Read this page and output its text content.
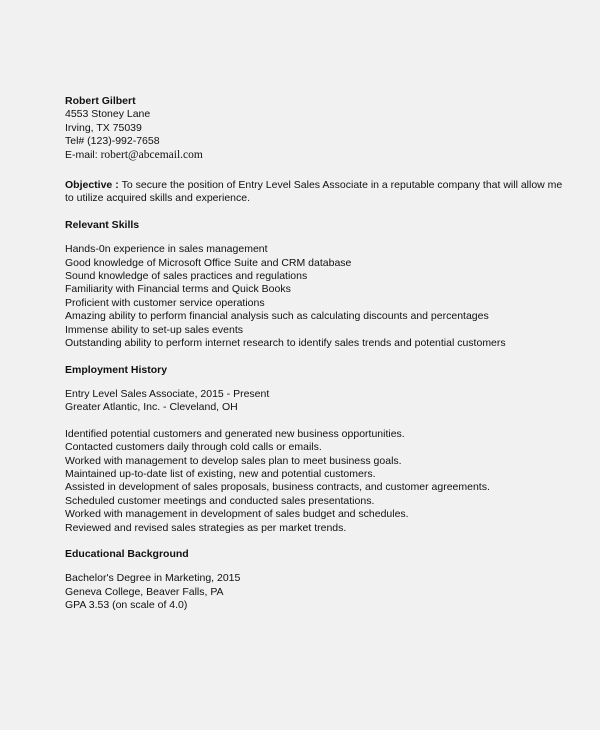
Robert Gilbert
4553 Stoney Lane
Irving, TX 75039
Tel# (123)-992-7658
E-mail: robert@abcemail.com
Objective : To secure the position of Entry Level Sales Associate in a reputable company that will allow me
to utilize acquired skills and experience.
Relevant Skills
Hands-0n experience in sales management
Good knowledge of Microsoft Office Suite and CRM database
Sound knowledge of sales practices and regulations
Familiarity with Financial terms and Quick Books
Proficient with customer service operations
Amazing ability to perform financial analysis such as calculating discounts and percentages
Immense ability to set-up sales events
Outstanding ability to perform internet research to identify sales trends and potential customers
Employment History
Entry Level Sales Associate, 2015 - Present
Greater Atlantic, Inc. - Cleveland, OH
Identified potential customers and generated new business opportunities.
Contacted customers daily through cold calls or emails.
Worked with management to develop sales plan to meet business goals.
Maintained up-to-date list of existing, new and potential customers.
Assisted in development of sales proposals, business contracts, and customer agreements.
Scheduled customer meetings and conducted sales presentations.
Worked with management in development of sales budget and schedules.
Reviewed and revised sales strategies as per market trends.
Educational Background
Bachelor's Degree in Marketing, 2015
Geneva College, Beaver Falls, PA
GPA 3.53 (on scale of 4.0)
